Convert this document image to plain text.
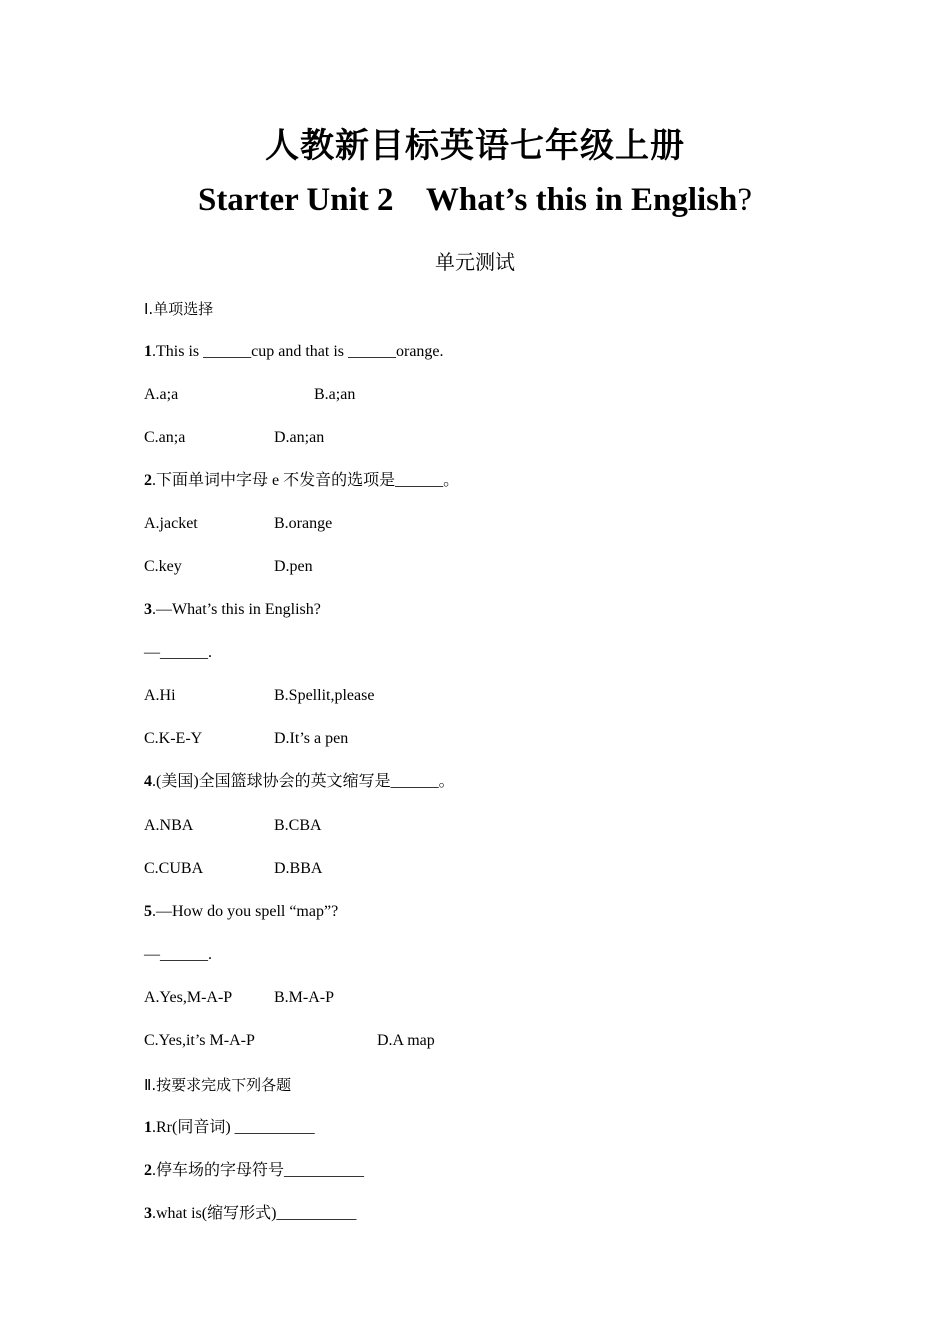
人教新目标英语七年级上册
Starter Unit 2    What’s this in English?
单元测试
Ⅰ.单项选择
1.This is ______cup and that is ______orange.
A.a;a	B.a;an
C.an;a	D.an;an
2.下面单词中字母 e 不发音的选项是______。
A.jacket	B.orange
C.key	D.pen
3.—What’s this in English?
—______.
A.Hi	B.Spellit,please
C.K-E-Y	D.It’s a pen
4.(美国)全国篮球协会的英文缩写是______。
A.NBA	B.CBA
C.CUBA	D.BBA
5.—How do you spell “map”?
—______.
A.Yes,M-A-P	B.M-A-P
C.Yes,it’s M-A-P	D.A map
Ⅱ.按要求完成下列各题
1.Rr(同音词) __________
2.停车场的字母符号__________
3.what is(缩写形式)__________
